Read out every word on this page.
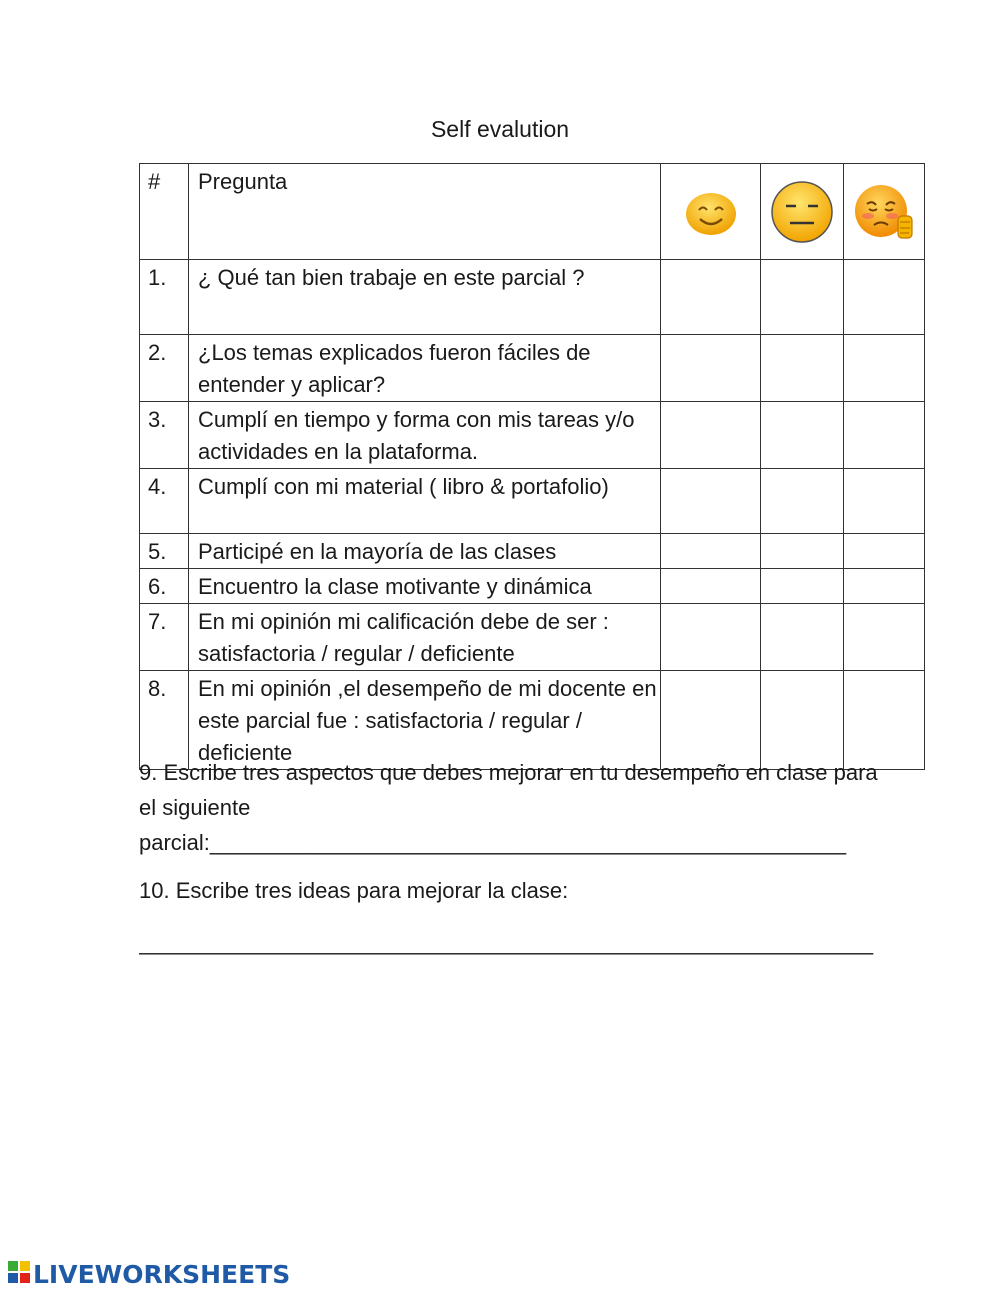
Self evalution
#	Pregunta	

1.	¿ Qué tan bien trabaje en este parcial ?			
2.	¿Los temas explicados fueron fáciles de entender y aplicar?			
3.	Cumplí en tiempo y forma con mis tareas y/o actividades en la plataforma.			
4.	Cumplí con mi material ( libro & portafolio)			
5.	Participé en la mayoría de las clases			
6.	Encuentro la clase motivante y dinámica			
7.	En mi opinión mi calificación debe de ser : satisfactoria / regular / deficiente			
8.	En mi opinión ,el desempeño de mi docente en este parcial fue : satisfactoria / regular / deficiente			
9. Escribe tres aspectos que debes mejorar en tu desempeño en clase para el siguiente
parcial:____________________________________________________
10. Escribe tres ideas para mejorar la clase:
____________________________________________________________
LIVEWORKSHEETS
